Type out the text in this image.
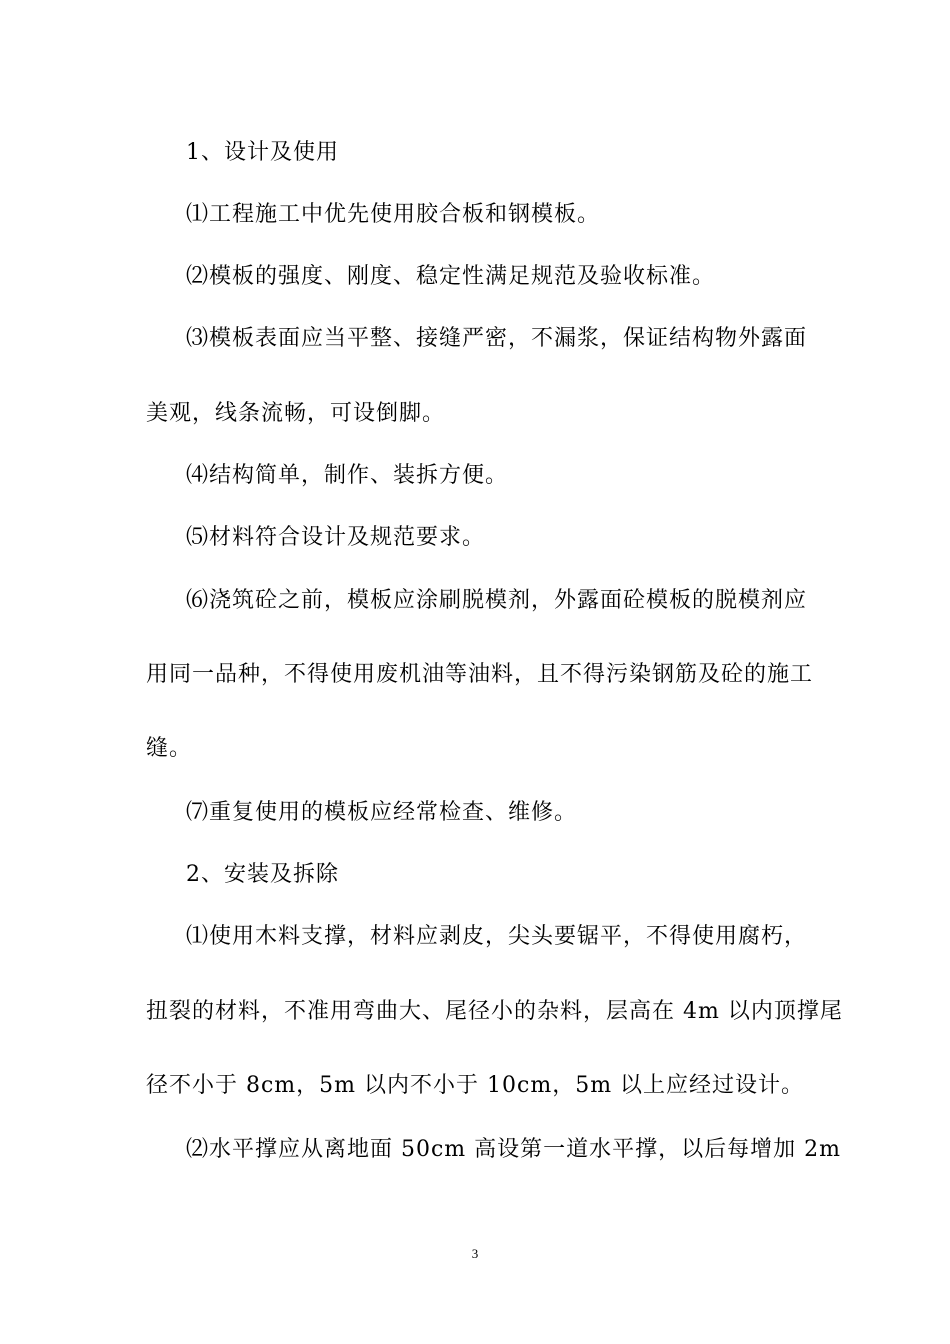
1、设计及使用
⑴工程施工中优先使用胶合板和钢模板。
⑵模板的强度、刚度、稳定性满足规范及验收标准。
⑶模板表面应当平整、接缝严密，不漏浆，保证结构物外露面
美观，线条流畅，可设倒脚。
⑷结构简单，制作、装拆方便。
⑸材料符合设计及规范要求。
⑹浇筑砼之前，模板应涂刷脱模剂，外露面砼模板的脱模剂应
用同一品种，不得使用废机油等油料，且不得污染钢筋及砼的施工
缝。
⑺重复使用的模板应经常检查、维修。
2、安装及拆除
⑴使用木料支撑，材料应剥皮，尖头要锯平，不得使用腐朽，
扭裂的材料，不准用弯曲大、尾径小的杂料，层高在 4m 以内顶撑尾
径不小于 8cm，5m 以内不小于 10cm，5m 以上应经过设计。
⑵水平撑应从离地面 50cm 高设第一道水平撑，以后每增加 2m
3
